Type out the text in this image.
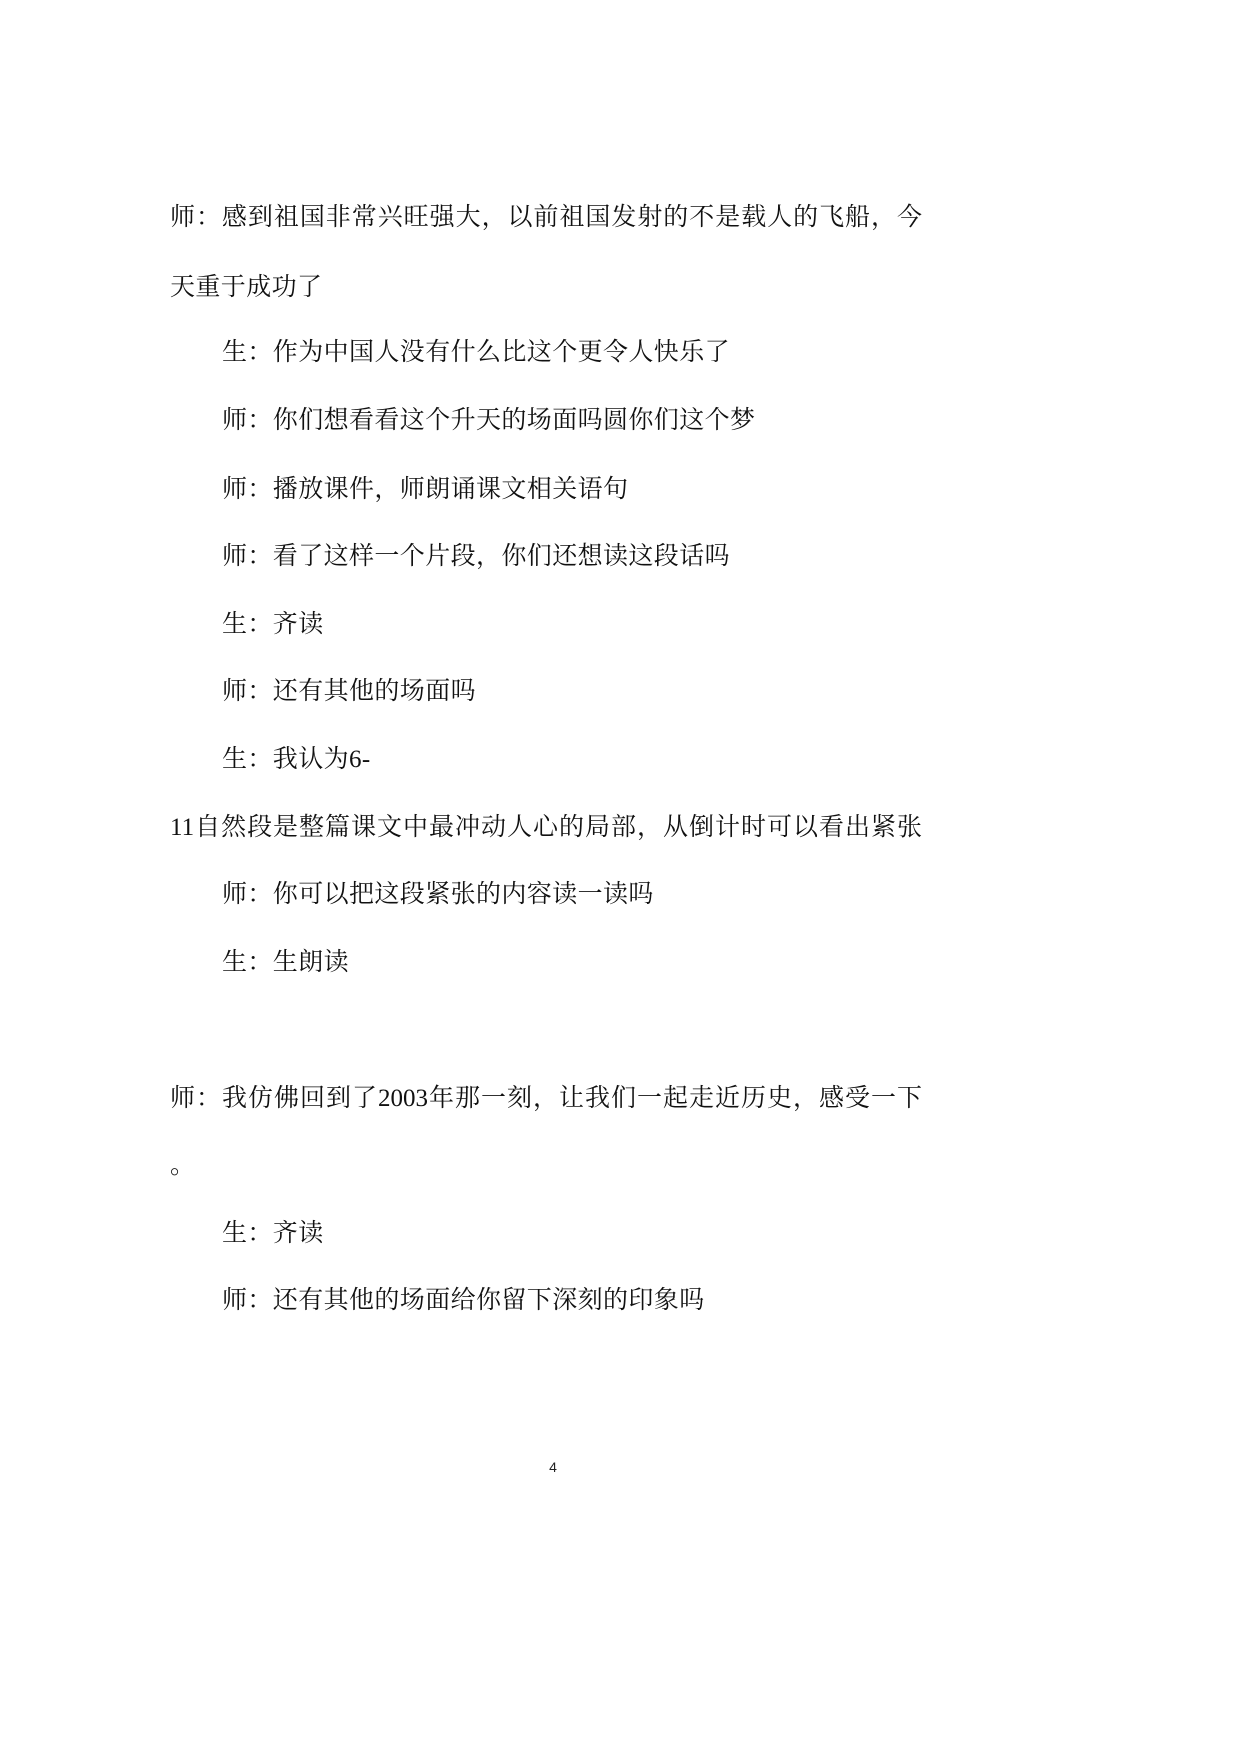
师：感到祖国非常兴旺强大，以前祖国发射的不是载人的飞船，今
天重于成功了
生：作为中国人没有什么比这个更令人快乐了
师：你们想看看这个升天的场面吗圆你们这个梦
师：播放课件，师朗诵课文相关语句
师：看了这样一个片段，你们还想读这段话吗
生：齐读
师：还有其他的场面吗
生：我认为6-
11自然段是整篇课文中最冲动人心的局部，从倒计时可以看出紧张
师：你可以把这段紧张的内容读一读吗
生：生朗读
师：我仿佛回到了2003年那一刻，让我们一起走近历史，感受一下
。
生：齐读
师：还有其他的场面给你留下深刻的印象吗
4
